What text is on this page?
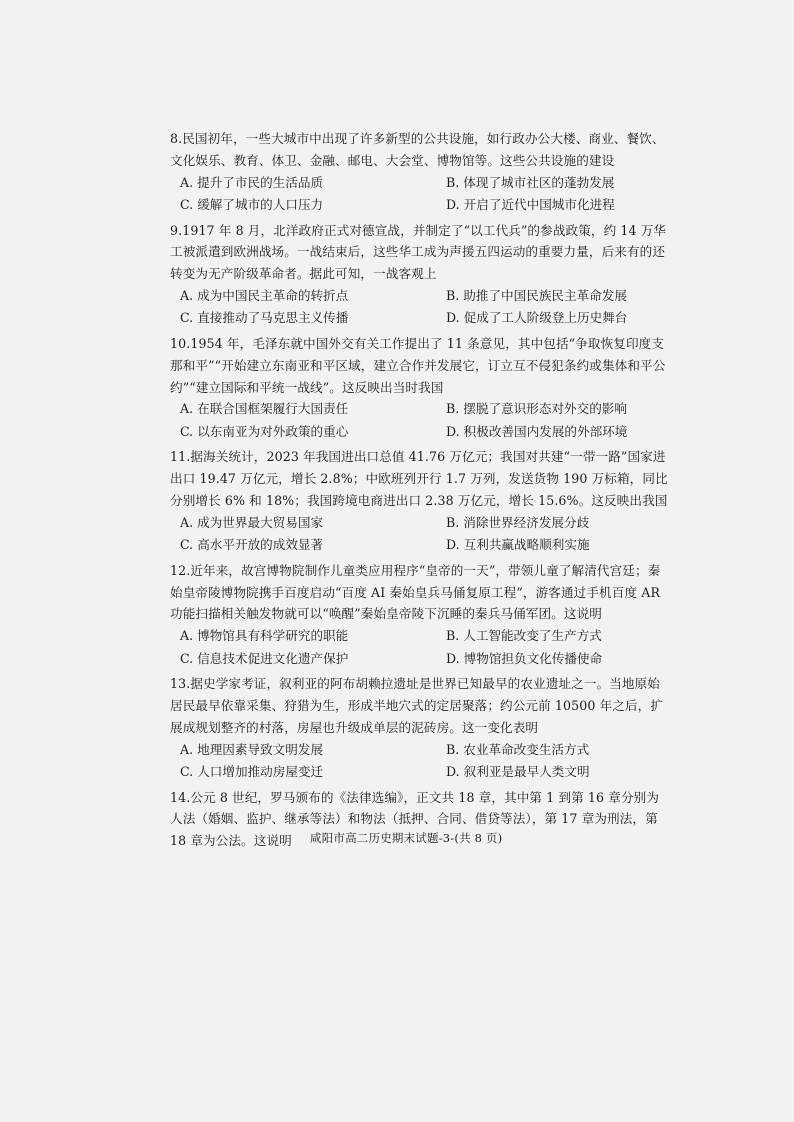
8.民国初年，一些大城市中出现了许多新型的公共设施，如行政办公大楼、商业、餐饮、文化娱乐、教育、体卫、金融、邮电、大会堂、博物馆等。这些公共设施的建设
A. 提升了市民的生活品质	B. 体现了城市社区的蓬勃发展
C. 缓解了城市的人口压力	D. 开启了近代中国城市化进程
9.1917 年 8 月，北洋政府正式对德宣战，并制定了“以工代兵”的参战政策，约 14 万华工被派遣到欧洲战场。一战结束后，这些华工成为声援五四运动的重要力量，后来有的还转变为无产阶级革命者。据此可知，一战客观上
A. 成为中国民主革命的转折点	B. 助推了中国民族民主革命发展
C. 直接推动了马克思主义传播	D. 促成了工人阶级登上历史舞台
10.1954 年，毛泽东就中国外交有关工作提出了 11 条意见，其中包括“争取恢复印度支那和平”“开始建立东南亚和平区域，建立合作并发展它，订立互不侵犯条约或集体和平公约”“建立国际和平统一战线”。这反映出当时我国
A. 在联合国框架履行大国责任	B. 摆脱了意识形态对外交的影响
C. 以东南亚为对外政策的重心	D. 积极改善国内发展的外部环境
11.据海关统计，2023 年我国进出口总值 41.76 万亿元；我国对共建“一带一路”国家进出口 19.47 万亿元，增长 2.8%；中欧班列开行 1.7 万列，发送货物 190 万标箱，同比分别增长 6% 和 18%；我国跨境电商进出口 2.38 万亿元，增长 15.6%。这反映出我国
A. 成为世界最大贸易国家	B. 消除世界经济发展分歧
C. 高水平开放的成效显著	D. 互利共赢战略顺利实施
12.近年来，故宫博物院制作儿童类应用程序“皇帝的一天”，带领儿童了解清代宫廷；秦始皇帝陵博物院携手百度启动“百度 AI 秦始皇兵马俑复原工程”，游客通过手机百度 AR 功能扫描相关触发物就可以“唤醒”秦始皇帝陵下沉睡的秦兵马俑军团。这说明
A. 博物馆具有科学研究的职能	B. 人工智能改变了生产方式
C. 信息技术促进文化遗产保护	D. 博物馆担负文化传播使命
13.据史学家考证，叙利亚的阿布胡赖拉遗址是世界已知最早的农业遗址之一。当地原始居民最早依靠采集、狩猎为生，形成半地穴式的定居聚落；约公元前 10500 年之后，扩展成规划整齐的村落，房屋也升级成单层的泥砖房。这一变化表明
A. 地理因素导致文明发展	B. 农业革命改变生活方式
C. 人口增加推动房屋变迁	D. 叙利亚是最早人类文明
14.公元 8 世纪，罗马颁布的《法律选编》，正文共 18 章，其中第 1 到第 16 章分别为人法（婚姻、监护、继承等法）和物法（抵押、合同、借贷等法），第 17 章为刑法，第 18 章为公法。这说明	咸阳市高二历史期末试题-3-(共 8 页)
